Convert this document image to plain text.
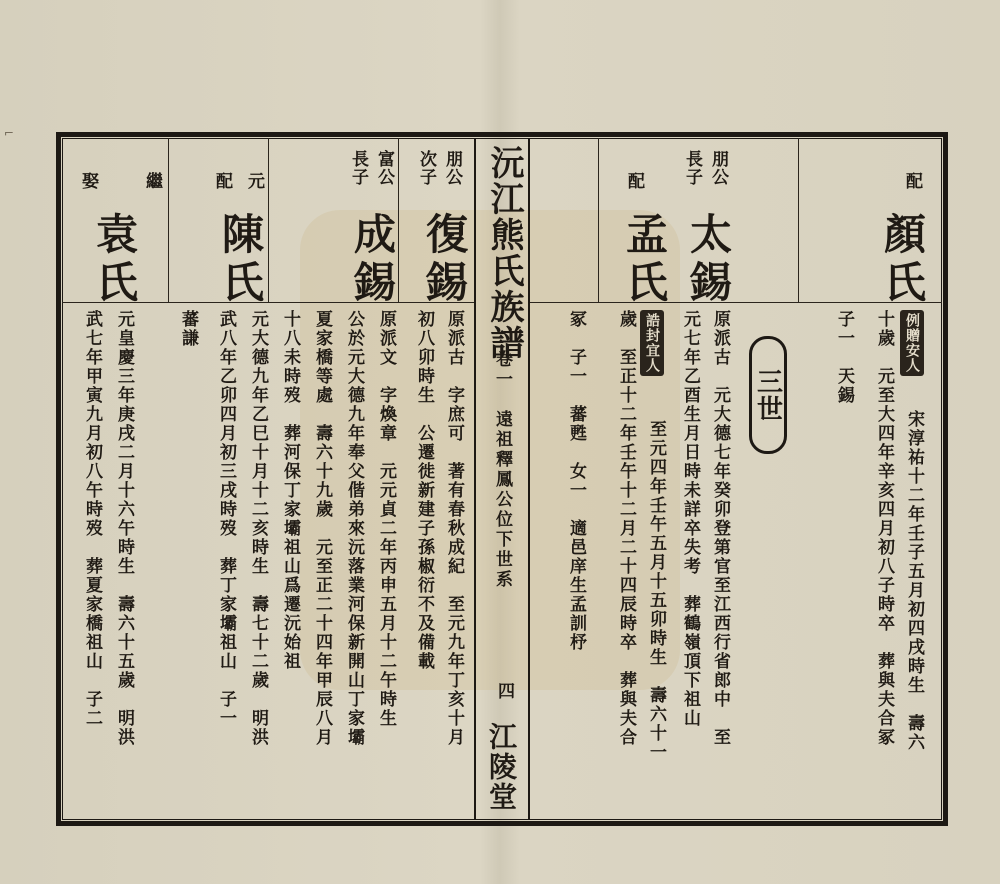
⌐
沅江熊氏族譜
卷一　遠祖釋鳳公位下世系
四
江陵堂
三世
配
顏氏
例贈安人
十歲　元至大四年辛亥四月初八子時卒　葬與夫合冢 宋淳祐十二年壬子五月初四戌時生　壽六
子一　天錫
朋公
長子
太錫
原派古　元大德七年癸卯登第官至江西行省郎中　至
元七年乙酉生月日時未詳卒失考　葬鶴嶺頂下祖山
配
孟氏
誥封宜人
歲　至正十二年壬午十二月二十四辰時卒　葬與夫合 至元四年壬午五月十五卯時生　壽六十一
冢　子一　蕃甦　女一　適邑庠生孟訓杼
朋公
次子
復錫
原派古　字庶可　著有春秋成紀　至元九年丁亥十月
初八卯時生　公遷徙新建子孫椒衍不及備載
富公
長子
成錫
原派文　字煥章　元元貞二年丙申五月十二午時生
公於元大德九年奉父偕弟來沅落業河保新開山丁家壩
夏家橋等處　壽六十九歲　元至正二十四年甲辰八月
十八未時歿　葬河保丁家壩祖山爲遷沅始祖
元
配
陳氏
元大德九年乙巳十月十二亥時生　壽七十二歲　明洪
武八年乙卯四月初三戌時歿　葬丁家壩祖山　子一
蕃謙
繼
娶
袁氏
元皇慶三年庚戌二月十六午時生　壽六十五歲　明洪
武七年甲寅九月初八午時歿　葬夏家橋祖山　子二
